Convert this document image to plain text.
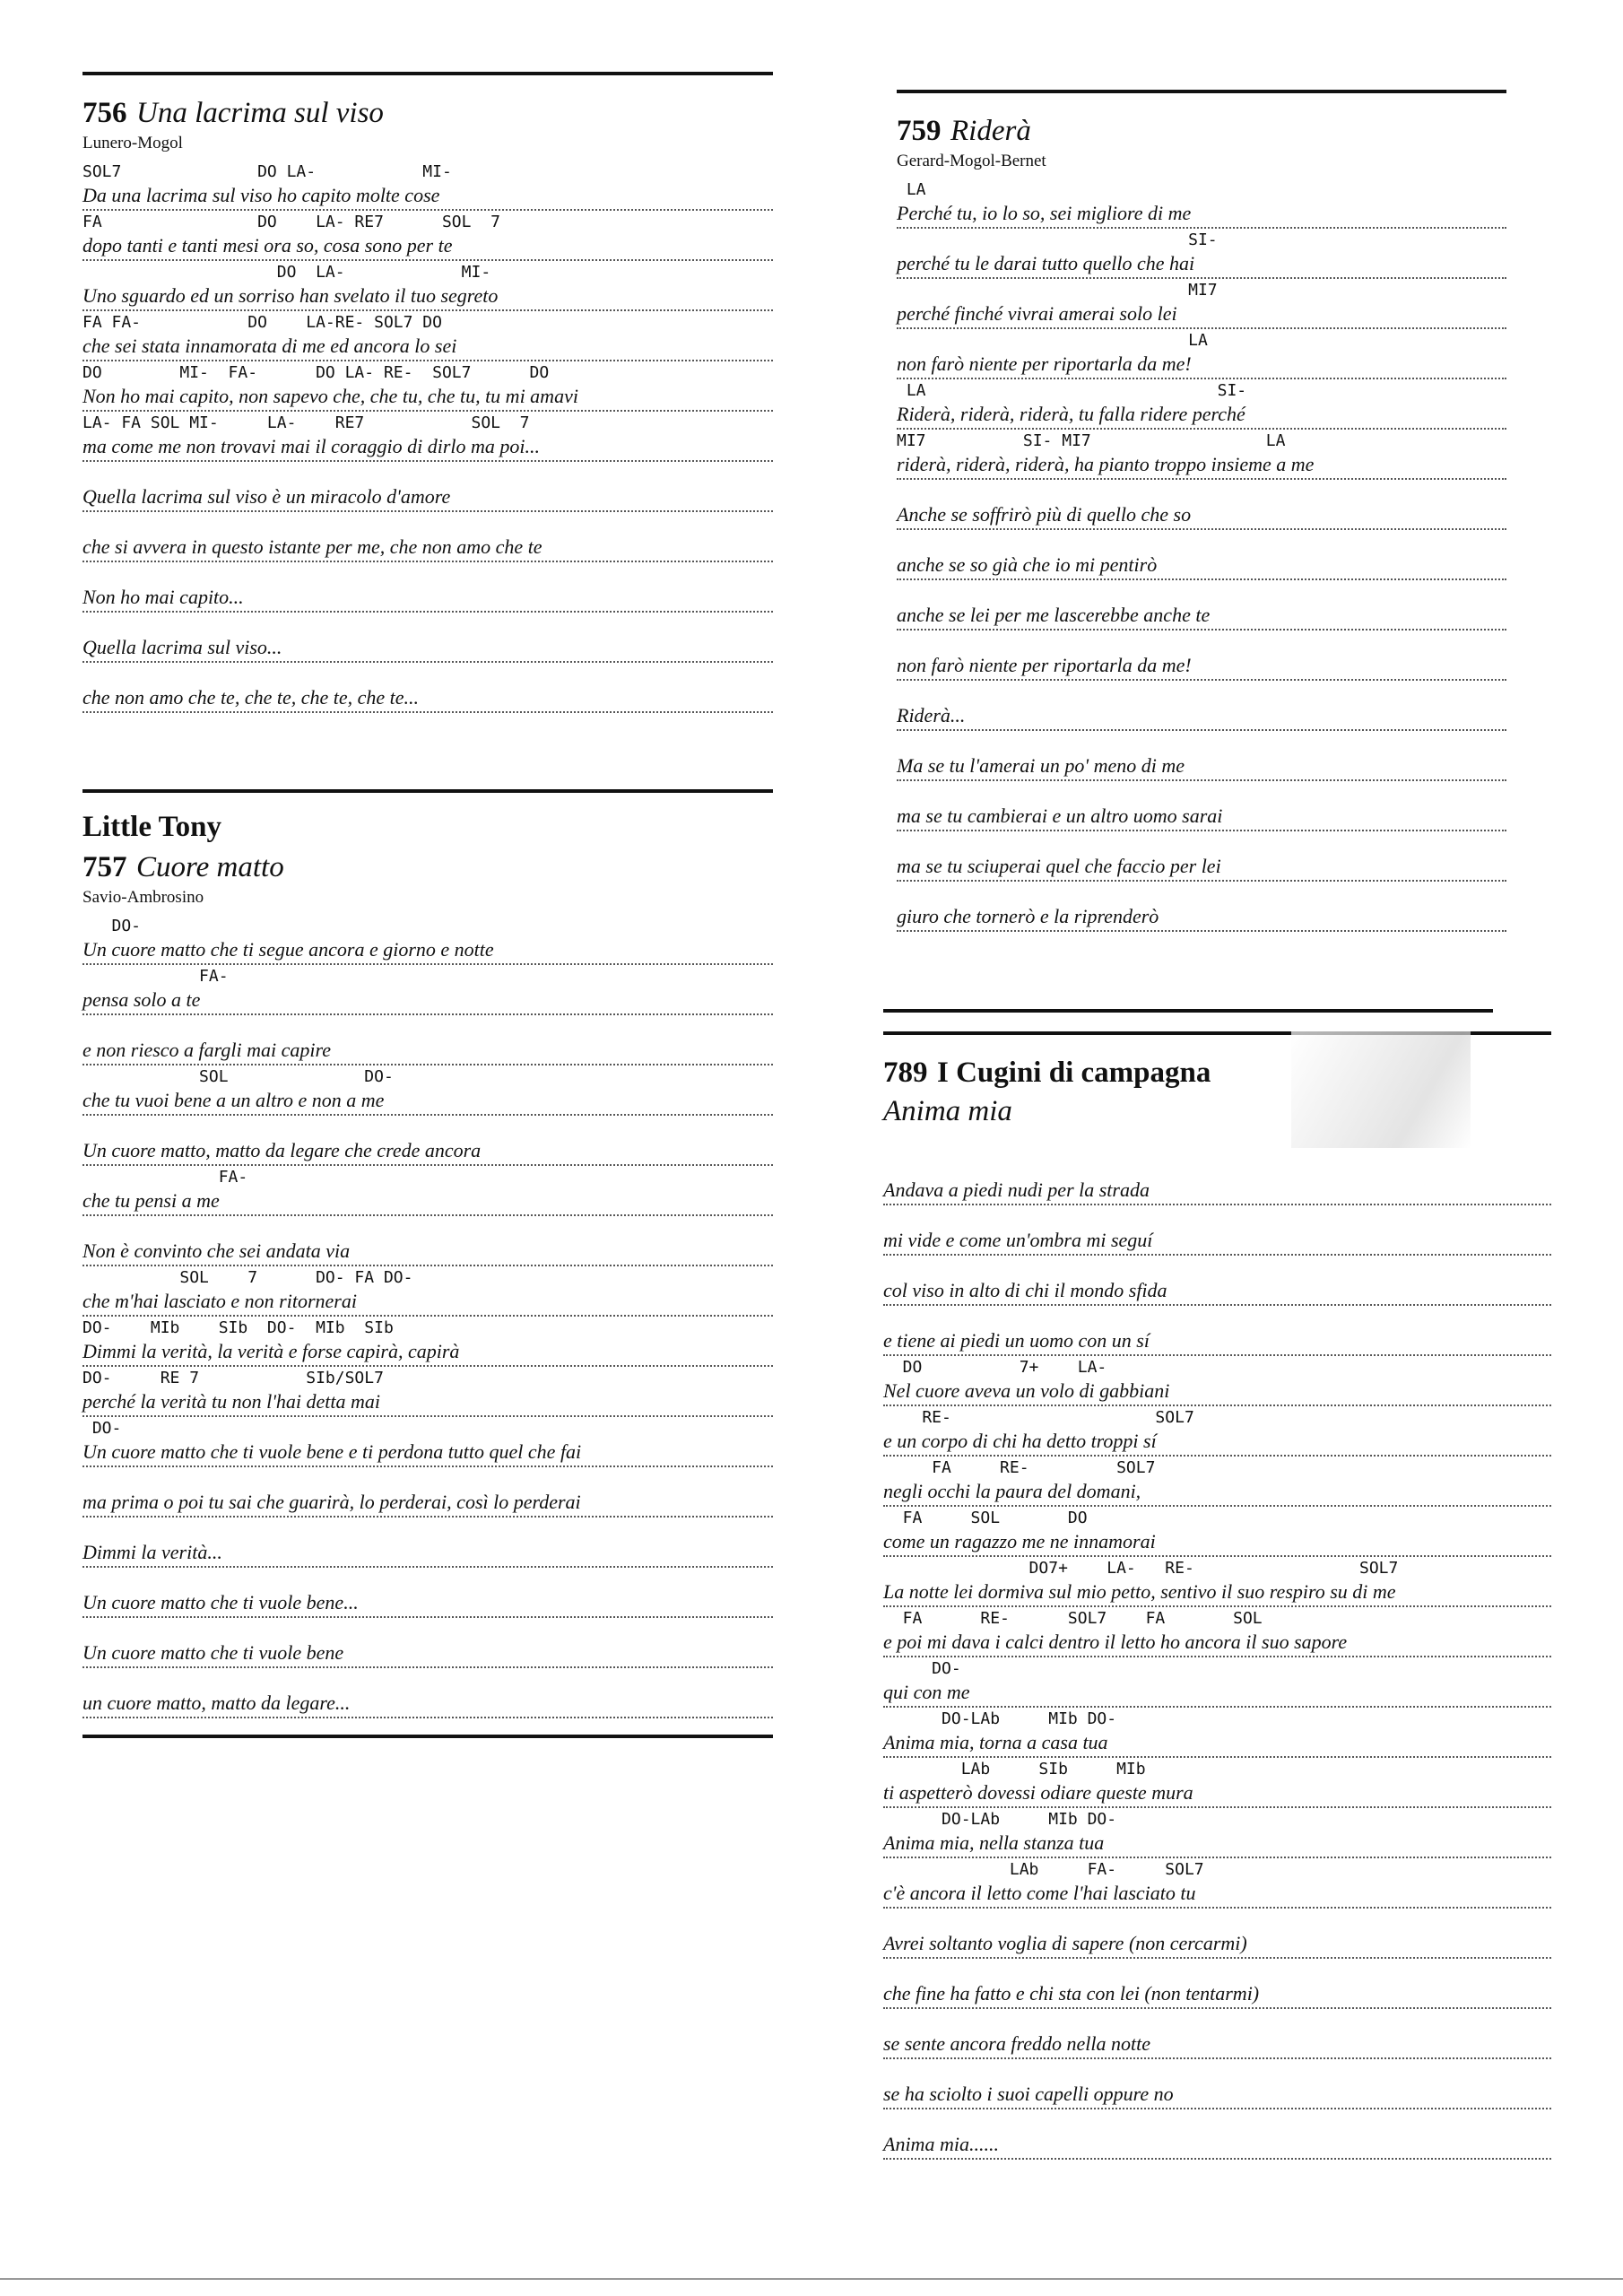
756 Una lacrima sul viso
Lunero-Mogol
SOL7              DO LA-           MI-
Da una lacrima sul viso ho capito molte cose
FA                DO    LA- RE7      SOL  7
dopo tanti e tanti mesi ora so, cosa sono per te
DO  LA-            MI-
Uno sguardo ed un sorriso han svelato il tuo segreto
FA FA-           DO    LA-RE- SOL7 DO
che sei stata innamorata di me ed ancora lo sei
DO        MI-  FA-      DO LA- RE-  SOL7      DO
Non ho mai capito, non sapevo che, che tu, che tu, tu mi amavi
LA- FA SOL MI-     LA-    RE7           SOL  7
ma come me non trovavi mai il coraggio di dirlo ma poi...
Quella lacrima sul viso è un miracolo d'amore
che si avvera in questo istante per me, che non amo che te
Non ho mai capito...
Quella lacrima sul viso...
che non amo che te, che te, che te, che te...
Little Tony
757 Cuore matto
Savio-Ambrosino
DO-
Un cuore matto che ti segue ancora e giorno e notte
FA-
pensa solo a te
e non riesco a fargli mai capire
SOL              DO-
che tu vuoi bene a un altro e non a me
Un cuore matto, matto da legare che crede ancora
FA-
che tu pensi a me
Non è convinto che sei andata via
SOL    7      DO- FA DO-
che m'hai lasciato e non ritornerai
DO-    MIb    SIb  DO-  MIb  SIb
Dimmi la verità, la verità e forse capirà, capirà
DO-     RE 7           SIb/SOL7
perché la verità tu non l'hai detta mai
DO-
Un cuore matto che ti vuole bene e ti perdona tutto quel che fai
ma prima o poi tu sai che guarirà, lo perderai, così lo perderai
Dimmi la verità...
Un cuore matto che ti vuole bene...
Un cuore matto che ti vuole bene
un cuore matto, matto da legare...
759 Riderà
Gerard-Mogol-Bernet
LA
Perché tu, io lo so, sei migliore di me
SI-
perché tu le darai tutto quello che hai
MI7
perché finché vivrai amerai solo lei
LA
non farò niente per riportarla da me!
LA                              SI-
Riderà, riderà, riderà, tu falla ridere perché
MI7          SI- MI7                  LA
riderà, riderà, riderà, ha pianto troppo insieme a me
Anche se soffrirò più di quello che so
anche se so già che io mi pentirò
anche se lei per me lascerebbe anche te
non farò niente per riportarla da me!
Riderà...
Ma se tu l'amerai un po' meno di me
ma se tu cambierai e un altro uomo sarai
ma se tu sciuperai quel che faccio per lei
giuro che tornerò e la riprenderò
789 I Cugini di campagna
Anima mia
Andava a piedi nudi per la strada
mi vide e come un'ombra mi seguí
col viso in alto di chi il mondo sfida
e tiene ai piedi un uomo con un sí
DO          7+    LA-
Nel cuore aveva un volo di gabbiani
RE-                     SOL7
e un corpo di chi ha detto troppi sí
FA     RE-         SOL7
negli occhi la paura del domani,
FA     SOL       DO
come un ragazzo me ne innamorai
DO7+    LA-   RE-                 SOL7
La notte lei dormiva sul mio petto, sentivo il suo respiro su di me
FA      RE-      SOL7    FA       SOL
e poi mi dava i calci dentro il letto ho ancora il suo sapore
DO-
qui con me
DO-LAb     MIb DO-
Anima mia, torna a casa tua
LAb     SIb     MIb
ti aspetterò dovessi odiare queste mura
DO-LAb     MIb DO-
Anima mia, nella stanza tua
LAb     FA-     SOL7
c'è ancora il letto come l'hai lasciato tu
Avrei soltanto voglia di sapere (non cercarmi)
che fine ha fatto e chi sta con lei (non tentarmi)
se sente ancora freddo nella notte
se ha sciolto i suoi capelli oppure no
Anima mia......
